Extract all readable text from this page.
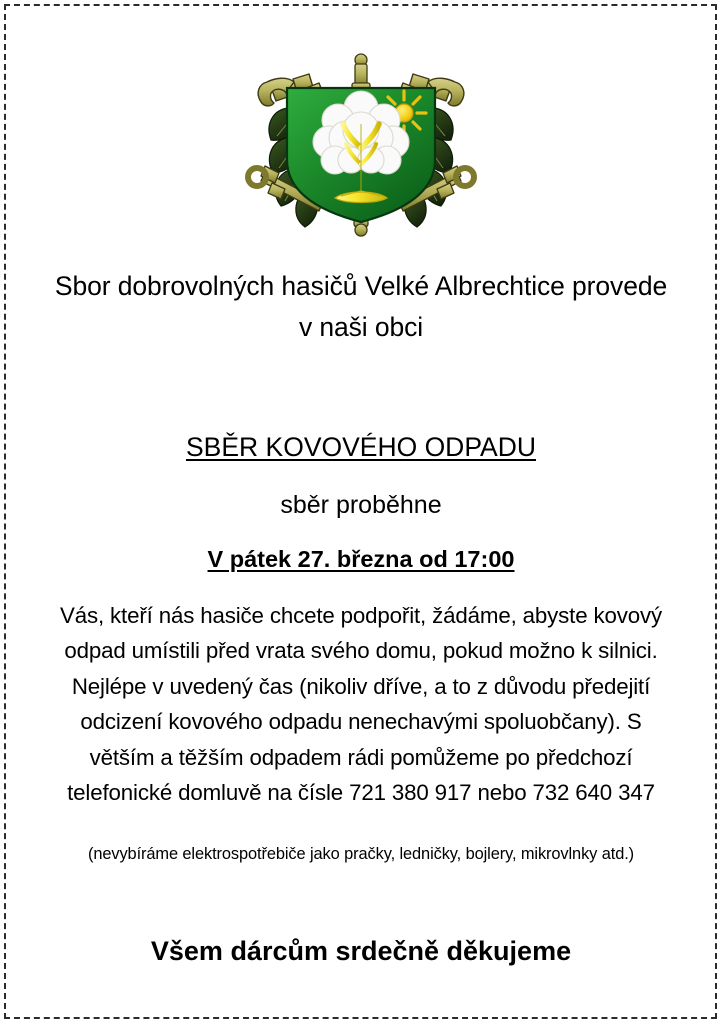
Sbor dobrovolných hasičů Velké Albrechtice provede
v naši obci
SBĚR KOVOVÉHO ODPADU
sběr proběhne
V pátek 27. března od 17:00
Vás, kteří nás hasiče chcete podpořit, žádáme, abyste kovový
odpad umístili před vrata svého domu, pokud možno k silnici.
Nejlépe v uvedený čas (nikoliv dříve, a to z důvodu předejití
odcizení kovového odpadu nenechavými spoluobčany). S
větším a těžším odpadem rádi pomůžeme po předchozí
telefonické domluvě na čísle 721 380 917 nebo 732 640 347
(nevybíráme elektrospotřebiče jako pračky, ledničky, bojlery, mikrovlnky atd.)
Všem dárcům srdečně děkujeme
